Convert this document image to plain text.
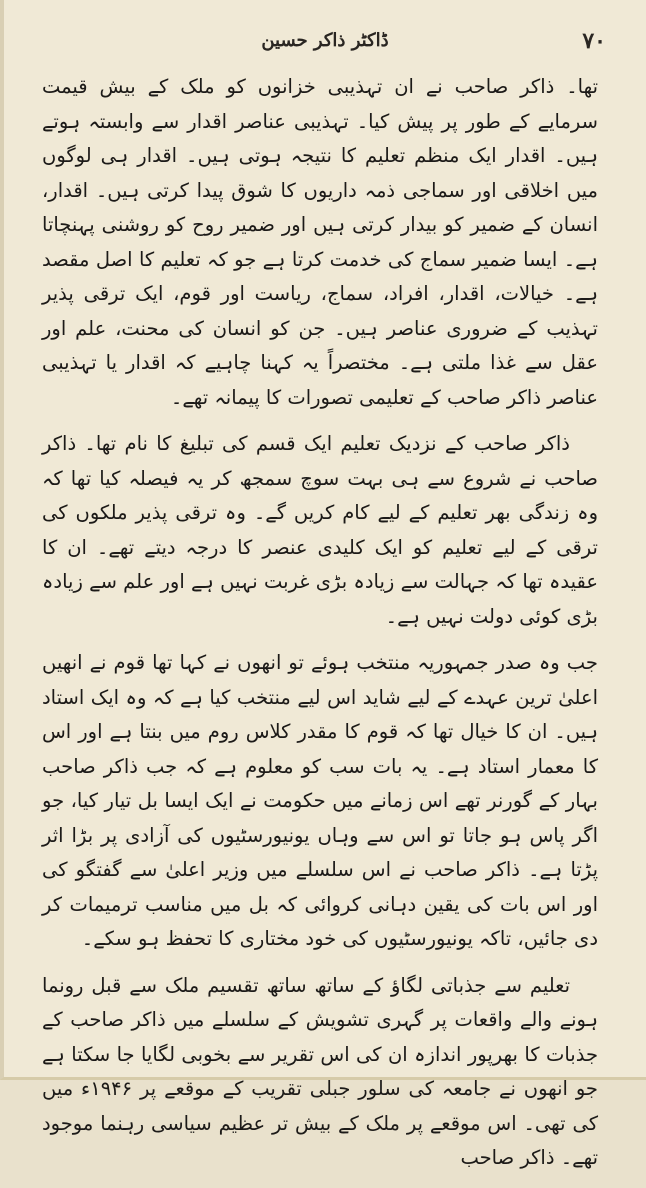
۷۰
ڈاکٹر ذاکر حسین

تھا۔ ذاکر صاحب نے ان تہذیبی خزانوں کو ملک کے بیش قیمت سرمایے کے طور پر پیش کیا۔ تہذیبی عناصر اقدار سے وابستہ ہوتے ہیں۔ اقدار ایک منظم تعلیم کا نتیجہ ہوتی ہیں۔ اقدار ہی لوگوں میں اخلاقی اور سماجی ذمہ داریوں کا شوق پیدا کرتی ہیں۔ اقدار، انسان کے ضمیر کو بیدار کرتی ہیں اور ضمیر روح کو روشنی پہنچاتا ہے۔ ایسا ضمیر سماج کی خدمت کرتا ہے جو کہ تعلیم کا اصل مقصد ہے۔ خیالات، اقدار، افراد، سماج، ریاست اور قوم، ایک ترقی پذیر تہذیب کے ضروری عناصر ہیں۔ جن کو انسان کی محنت، علم اور عقل سے غذا ملتی ہے۔ مختصراً یہ کہنا چاہیے کہ اقدار یا تہذیبی عناصر ذاکر صاحب کے تعلیمی تصورات کا پیمانہ تھے۔

ذاکر صاحب کے نزدیک تعلیم ایک قسم کی تبلیغ کا نام تھا۔ ذاکر صاحب نے شروع سے ہی بہت سوچ سمجھ کر یہ فیصلہ کیا تھا کہ وہ زندگی بھر تعلیم کے لیے کام کریں گے۔ وہ ترقی پذیر ملکوں کی ترقی کے لیے تعلیم کو ایک کلیدی عنصر کا درجہ دیتے تھے۔ ان کا عقیدہ تھا کہ جہالت سے زیادہ بڑی غربت نہیں ہے اور علم سے زیادہ بڑی کوئی دولت نہیں ہے۔

جب وہ صدر جمہوریہ منتخب ہوئے تو انھوں نے کہا تھا قوم نے انھیں اعلیٰ ترین عہدے کے لیے شاید اس لیے منتخب کیا ہے کہ وہ ایک استاد ہیں۔ ان کا خیال تھا کہ قوم کا مقدر کلاس روم میں بنتا ہے اور اس کا معمار استاد ہے۔ یہ بات سب کو معلوم ہے کہ جب ذاکر صاحب بہار کے گورنر تھے اس زمانے میں حکومت نے ایک ایسا بل تیار کیا، جو اگر پاس ہو جاتا تو اس سے وہاں یونیورسٹیوں کی آزادی پر بڑا اثر پڑتا ہے۔ ذاکر صاحب نے اس سلسلے میں وزیر اعلیٰ سے گفتگو کی اور اس بات کی یقین دہانی کروائی کہ بل میں مناسب ترمیمات کر دی جائیں، تاکہ یونیورسٹیوں کی خود مختاری کا تحفظ ہو سکے۔

تعلیم سے جذباتی لگاؤ کے ساتھ ساتھ تقسیم ملک سے قبل رونما ہونے والے واقعات پر گہری تشویش کے سلسلے میں ذاکر صاحب کے جذبات کا بھرپور اندازہ ان کی اس تقریر سے بخوبی لگایا جا سکتا ہے جو انھوں نے جامعہ کی سلور جبلی تقریب کے موقعے پر ۱۹۴۶ء میں کی تھی۔ اس موقعے پر ملک کے بیش تر عظیم سیاسی رہنما موجود تھے۔ ذاکر صاحب
